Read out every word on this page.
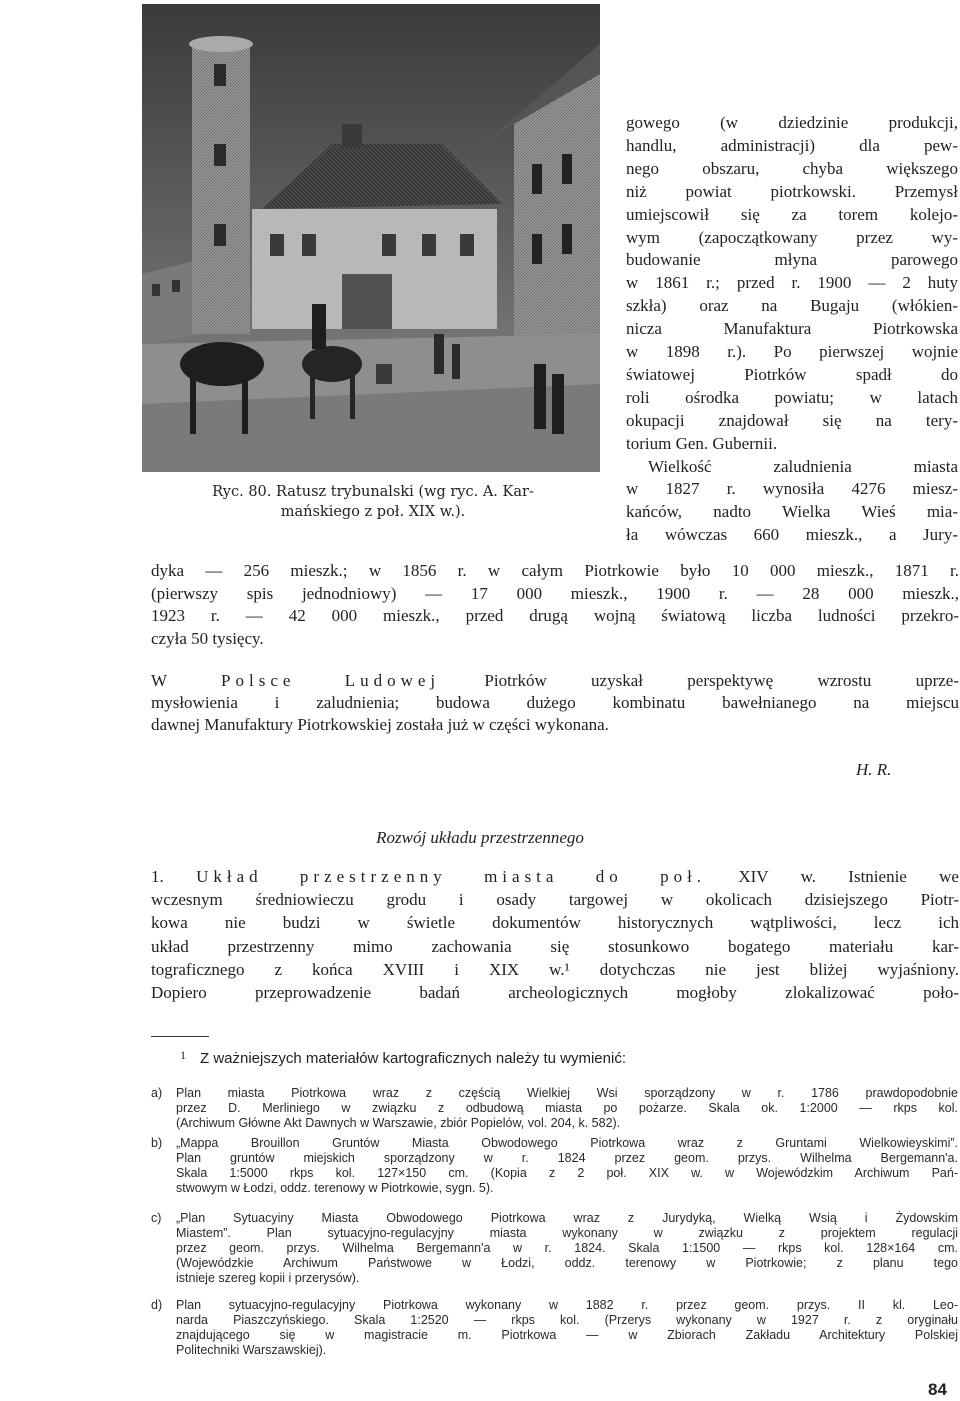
Ryc. 80. Ratusz trybunalski (wg ryc. A. Kar-
mańskiego z poł. XIX w.).
gowego (w dziedzinie produkcji,
handlu, administracji) dla pew-
nego obszaru, chyba większego
niż powiat piotrkowski. Przemysł
umiejscowił się za torem kolejo-
wym (zapoczątkowany przez wy-
budowanie młyna parowego
w 1861 r.; przed r. 1900 — 2 huty
szkła) oraz na Bugaju (włókien-
nicza Manufaktura Piotrkowska
w 1898 r.). Po pierwszej wojnie
światowej Piotrków spadł do
roli ośrodka powiatu; w latach
okupacji znajdował się na tery-
torium Gen. Gubernii.
Wielkość zaludnienia miasta
w 1827 r. wynosiła 4276 miesz-
kańców, nadto Wielka Wieś mia-
ła wówczas 660 mieszk., a Jury-
dyka — 256 mieszk.; w 1856 r. w całym Piotrkowie było 10 000 mieszk., 1871 r.
(pierwszy spis jednodniowy) — 17 000 mieszk., 1900 r. — 28 000 mieszk.,
1923 r. — 42 000 mieszk., przed drugą wojną światową liczba ludności przekro-
czyła 50 tysięcy.
W Polsce Ludowej Piotrków uzyskał perspektywę wzrostu uprze-
mysłowienia i zaludnienia; budowa dużego kombinatu bawełnianego na miejscu
dawnej Manufaktury Piotrkowskiej została już w części wykonana.
H. R.
Rozwój układu przestrzennego
1. Układ przestrzenny miasta do poł. XIV w. Istnienie we
wczesnym średniowieczu grodu i osady targowej w okolicach dzisiejszego Piotr-
kowa nie budzi w świetle dokumentów historycznych wątpliwości, lecz ich
układ przestrzenny mimo zachowania się stosunkowo bogatego materiału kar-
tograficznego z końca XVIII i XIX w.¹ dotychczas nie jest bliżej wyjaśniony.
Dopiero przeprowadzenie badań archeologicznych mogłoby zlokalizować poło-
1 Z ważniejszych materiałów kartograficznych należy tu wymienić:
a) Plan miasta Piotrkowa wraz z częścią Wielkiej Wsi sporządzony w r. 1786 prawdopodobnie
przez D. Merliniego w związku z odbudową miasta po pożarze. Skala ok. 1:2000 — rkps kol.
(Archiwum Główne Akt Dawnych w Warszawie, zbiór Popielów, vol. 204, k. 582).
b) „Mappa Brouillon Gruntów Miasta Obwodowego Piotrkowa wraz z Gruntami Wielkowieyskimi”.
Plan gruntów miejskich sporządzony w r. 1824 przez geom. przys. Wilhelma Bergemann'a.
Skala 1:5000 rkps kol. 127×150 cm. (Kopia z 2 poł. XIX w. w Wojewódzkim Archiwum Pań-
stwowym w Łodzi, oddz. terenowy w Piotrkowie, sygn. 5).
c) „Plan Sytuacyiny Miasta Obwodowego Piotrkowa wraz z Jurydyką, Wielką Wsią i Żydowskim
Miastem”. Plan sytuacyjno-regulacyjny miasta wykonany w związku z projektem regulacji
przez geom. przys. Wilhelma Bergemann'a w r. 1824. Skala 1:1500 — rkps kol. 128×164 cm.
(Wojewódzkie Archiwum Państwowe w Łodzi, oddz. terenowy w Piotrkowie; z planu tego
istnieje szereg kopii i przerysów).
d) Plan sytuacyjno-regulacyjny Piotrkowa wykonany w 1882 r. przez geom. przys. II kl. Leo-
narda Piaszczyńskiego. Skala 1:2520 — rkps kol. (Przerys wykonany w 1927 r. z oryginału
znajdującego się w magistracie m. Piotrkowa — w Zbiorach Zakładu Architektury Polskiej
Politechniki Warszawskiej).
84
